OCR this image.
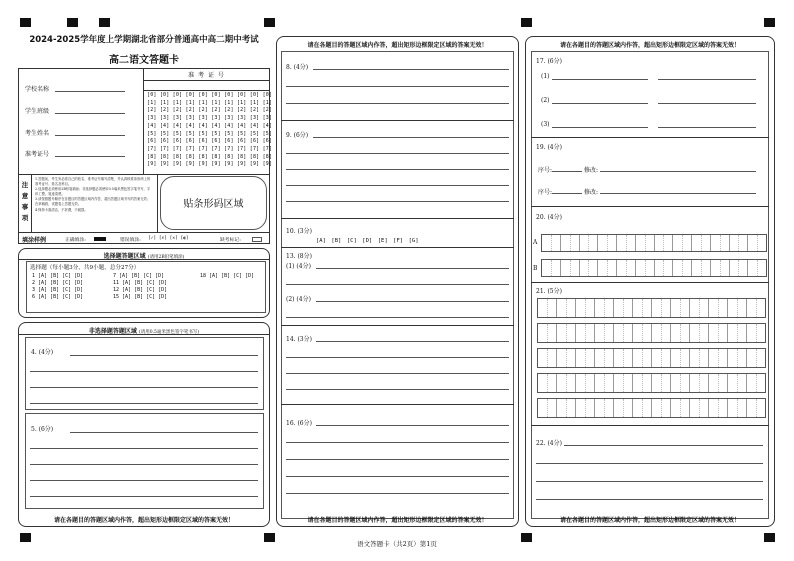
2024-2025学年度上学期湖北省部分普通高中高二期中考试
高二语文答题卡
学校名称
学生班级
考生姓名
准考证号
准 考 证 号
[0] [0] [0] [0] [0] [0] [0] [0] [0] [0]
[1] [1] [1] [1] [1] [1] [1] [1] [1] [1]
[2] [2] [2] [2] [2] [2] [2] [2] [2] [2]
[3] [3] [3] [3] [3] [3] [3] [3] [3] [3]
[4] [4] [4] [4] [4] [4] [4] [4] [4] [4]
[5] [5] [5] [5] [5] [5] [5] [5] [5] [5]
[6] [6] [6] [6] [6] [6] [6] [6] [6] [6]
[7] [7] [7] [7] [7] [7] [7] [7] [7] [7]
[8] [8] [8] [8] [8] [8] [8] [8] [8] [8]
[9] [9] [9] [9] [9] [9] [9] [9] [9] [9]
注
意
事
项
1.答题前，考生务必将自己的姓名、准考证号填写清楚，并认真核准条形码上的准考证号、姓名及科目。
2.选择题必须使用2B铅笔填涂；非选择题必须使用0.5毫米黑色签字笔书写，字体工整、笔迹清楚。
3.请按照题号顺序在各题目的答题区域内作答，超出答题区域书写的答案无效；在草稿纸、试题卷上答题无效。
4.保持卡面清洁，不折叠，不破损。	贴条形码区域
填涂样例	正确填涂:	错误填涂: [✓] [✗] [✕] [◐]	缺考标记:
选择题答题区域 (请用2B铅笔填涂)
选择题（每小题3分，共9小题，总分27分）
1 [A] [B] [C] [D]
2 [A] [B] [C] [D]
3 [A] [B] [C] [D]
6 [A] [B] [C] [D]
7 [A] [B] [C] [D]
11 [A] [B] [C] [D]
12 [A] [B] [C] [D]
15 [A] [B] [C] [D]
18 [A] [B] [C] [D]
非选择题答题区域 (请用0.5毫米黑色签字笔书写)
4. (4分)
5. (6分)
请在各题目的答题区域内作答，超出矩形边框限定区域的答案无效！
请在各题目的答题区域内作答，超出矩形边框限定区域的答案无效！
8. (4分)
9. (6分)
10. (3分)
[A]　[B]　[C]　[D]　[E]　[F]　[G]
13. (8分)
(1) (4分)
(2) (4分)
14. (3分)
16. (6分)
请在各题目的答题区域内作答，超出矩形边框限定区域的答案无效！
请在各题目的答题区域内作答，超出矩形边框限定区域的答案无效！
17. (6分)
(1)
(2)
(3)
19. (4分)
序号:	修改:
序号:	修改:
20. (4分)
A
B
21. (5分)
22. (4分)
请在各题目的答题区域内作答，超出矩形边框限定区域的答案无效！
语文答题卡（共2页）第1页
